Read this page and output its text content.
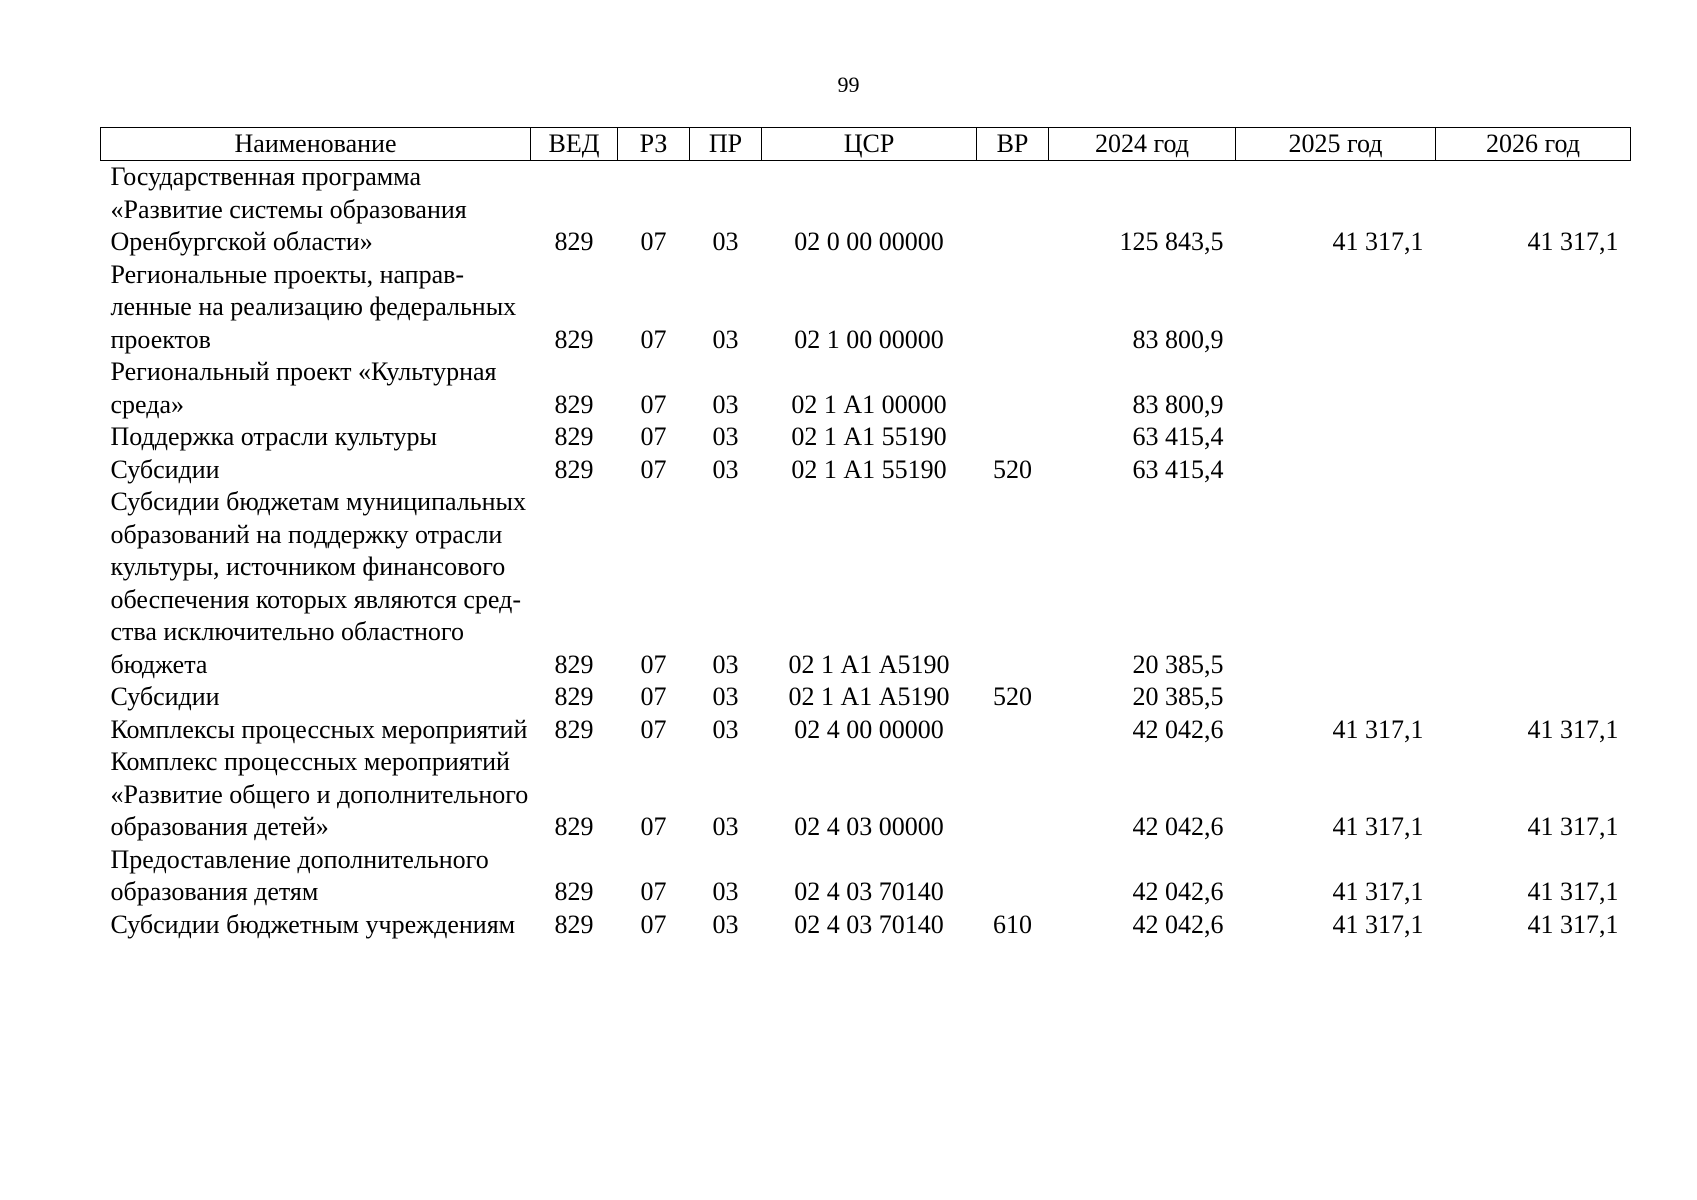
99
Наименование	ВЕД	РЗ	ПР	ЦСР	ВР	2024 год	2025 год	2026 год
Государственная программа «Развитие системы образования Оренбургской области»	829	07	03	02 0 00 00000		125 843,5	41 317,1	41 317,1
Региональные проекты, направленные на реализацию федеральных проектов	829	07	03	02 1 00 00000		83 800,9		
Региональный проект «Культурная среда»	829	07	03	02 1 А1 00000		83 800,9		
Поддержка отрасли культуры	829	07	03	02 1 А1 55190		63 415,4		
Субсидии	829	07	03	02 1 А1 55190	520	63 415,4		
Субсидии бюджетам муниципальных образований на поддержку отрасли культуры, источником финансового обеспечения которых являются средства исключительно областного бюджета	829	07	03	02 1 А1 А5190		20 385,5		
Субсидии	829	07	03	02 1 А1 А5190	520	20 385,5		
Комплексы процессных мероприятий	829	07	03	02 4 00 00000		42 042,6	41 317,1	41 317,1
Комплекс процессных мероприятий «Развитие общего и дополнительного образования детей»	829	07	03	02 4 03 00000		42 042,6	41 317,1	41 317,1
Предоставление дополнительного образования детям	829	07	03	02 4 03 70140		42 042,6	41 317,1	41 317,1
Субсидии бюджетным учреждениям	829	07	03	02 4 03 70140	610	42 042,6	41 317,1	41 317,1
